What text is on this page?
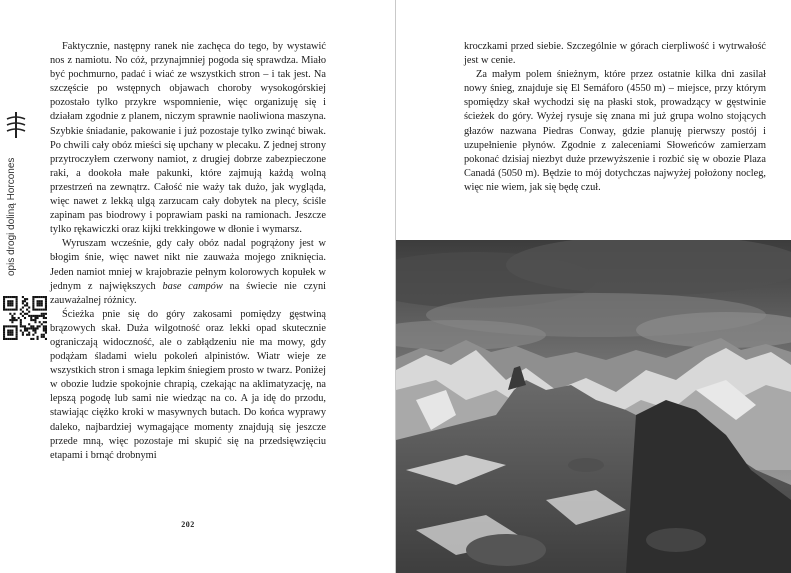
opis drogi doliną Horcones

Faktycznie, następny ranek nie zachęca do tego, by wystawić nos z namiotu. No cóż, przynajmniej pogoda się sprawdza. Miało być pochmurno, padać i wiać ze wszystkich stron – i tak jest. Na szczęście po wstępnych objawach choroby wysokogórskiej pozostało tylko przykre wspomnienie, więc organizuję się i działam zgodnie z planem, niczym sprawnie naoliwiona maszyna. Szybkie śniadanie, pakowanie i już pozostaje tylko zwinąć biwak. Po chwili cały obóz mieści się upchany w plecaku. Z jednej strony przytroczyłem czerwony namiot, z drugiej dobrze zabezpieczone raki, a dookoła małe pakunki, które zajmują każdą wolną przestrzeń na zewnątrz. Całość nie waży tak dużo, jak wygląda, więc nawet z lekką ulgą zarzucam cały dobytek na plecy, ściśle zapinam pas biodrowy i poprawiam paski na ramionach. Jeszcze tylko rękawiczki oraz kijki trekkingowe w dłonie i wymarsz.

Wyruszam wcześnie, gdy cały obóz nadal pogrążony jest w błogim śnie, więc nawet nikt nie zauważa mojego zniknięcia. Jeden namiot mniej w krajobrazie pełnym kolorowych kopułek w jednym z największych base campów na świecie nie czyni zauważalnej różnicy.

Ścieżka pnie się do góry zakosami pomiędzy gęstwiną brązowych skał. Duża wilgotność oraz lekki opad skutecznie ograniczają widoczność, ale o zabłądzeniu nie ma mowy, gdy podążam śladami wielu pokoleń alpinistów. Wiatr wieje ze wszystkich stron i smaga lepkim śniegiem prosto w twarz. Poniżej w obozie ludzie spokojnie chrapią, czekając na aklimatyzację, na lepszą pogodę lub sami nie wiedząc na co. A ja idę do przodu, stawiając ciężko kroki w masywnych butach. Do końca wyprawy daleko, najbardziej wymagające momenty znajdują się jeszcze przede mną, więc pozostaje mi skupić się na przedsięwzięciu etapami i brnąć drobnymi

202

kroczkami przed siebie. Szczególnie w górach cierpliwość i wytrwałość jest w cenie.

Za małym polem śnieżnym, które przez ostatnie kilka dni zasilał nowy śnieg, znajduje się El Semáforo (4550 m) – miejsce, przy którym spomiędzy skał wychodzi się na płaski stok, prowadzący w gęstwinie ścieżek do góry. Wyżej rysuje się znana mi już grupa wolno stojących głazów nazwana Piedras Conway, gdzie planuję pierwszy postój i uzupełnienie płynów. Zgodnie z zaleceniami Słoweńców zamierzam pokonać dzisiaj niezbyt duże przewyższenie i rozbić się w obozie Plaza Canadá (5050 m). Będzie to mój dotychczas najwyżej położony nocleg, więc nie wiem, jak się będę czuł.
